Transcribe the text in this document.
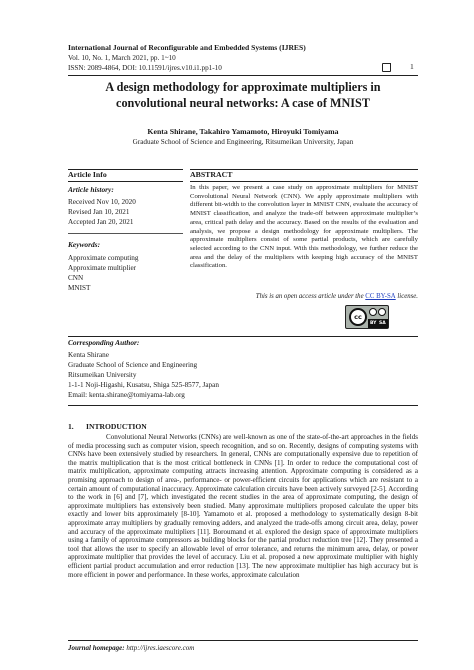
International Journal of Reconfigurable and Embedded Systems (IJRES)
Vol. 10, No. 1, March 2021, pp. 1~10
ISSN: 2089-4864, DOI: 10.11591/ijres.v10.i1.pp1-10	1
A design methodology for approximate multipliers in
convolutional neural networks: A case of MNIST
Kenta Shirane, Takahiro Yamamoto, Hiroyuki Tomiyama
Graduate School of Science and Engineering, Ritsumeikan University, Japan
Article Info	ABSTRACT
Article history:
Received Nov 10, 2020
Revised Jan 10, 2021
Accepted Jan 20, 2021
Keywords:
Approximate computing
Approximate multiplier
CNN
MNIST
In this paper, we present a case study on approximate multipliers for MNIST Convolutional Neural Network (CNN). We apply approximate multipliers with different bit-width to the convolution layer in MNIST CNN, evaluate the accuracy of MNIST classification, and analyze the trade-off between approximate multiplier’s area, critical path delay and the accuracy. Based on the results of the evaluation and analysis, we propose a design methodology for approximate multipliers. The approximate multipliers consist of some partial products, which are carefully selected according to the CNN input. With this methodology, we further reduce the area and the delay of the multipliers with keeping high accuracy of the MNIST classification.
This is an open access article under the CC BY-SA license.
cc
BY SA
Corresponding Author:
Kenta Shirane
Graduate School of Science and Engineering
Ritsumeikan University
1-1-1 Noji-Higashi, Kusatsu, Shiga 525-8577, Japan
Email: kenta.shirane@tomiyama-lab.org
1. INTRODUCTION
Convolutional Neural Networks (CNNs) are well-known as one of the state-of-the-art approaches in the fields of media processing such as computer vision, speech recognition, and so on. Recently, designs of computing systems with CNNs have been extensively studied by researchers. In general, CNNs are computationally expensive due to repetition of the matrix multiplication that is the most critical bottleneck in CNNs [1]. In order to reduce the computational cost of matrix multiplication, approximate computing attracts increasing attention. Approximate computing is considered as a promising approach to design of area-, performance- or power-efficient circuits for applications which are resistant to a certain amount of computational inaccuracy. Approximate calculation circuits have been actively surveyed [2-5]. According to the work in [6] and [7], which investigated the recent studies in the area of approximate computing, the design of approximate multipliers has extensively been studied. Many approximate multipliers proposed calculate the upper bits exactly and lower bits approximately [8-10]. Yamamoto et al. proposed a methodology to systematically design 8-bit approximate array multipliers by gradually removing adders, and analyzed the trade-offs among circuit area, delay, power and accuracy of the approximate multipliers [11]. Boroumand et al. explored the design space of approximate multipliers using a family of approximate compressors as building blocks for the partial product reduction tree [12]. They presented a tool that allows the user to specify an allowable level of error tolerance, and returns the minimum area, delay, or power approximate multiplier that provides the level of accuracy. Liu et al. proposed a new approximate multiplier with highly efficient partial product accumulation and error reduction [13]. The new approximate multiplier has high accuracy but is more efficient in power and performance. In these works, approximate calculation
Journal homepage: http://ijres.iaescore.com
